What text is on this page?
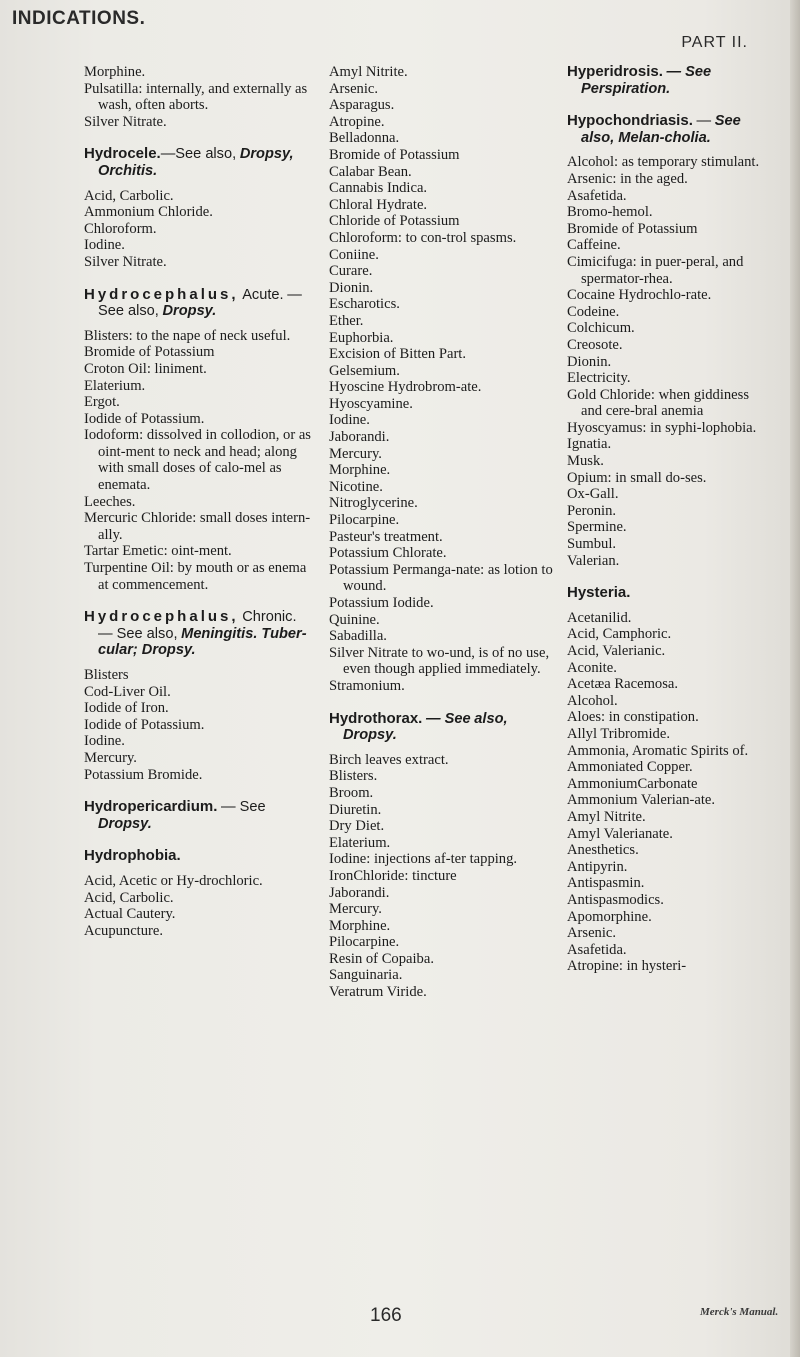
INDICATIONS.
PART II.
Morphine.
Pulsatilla: internally, and externally as wash, often aborts.
Silver Nitrate.
Hydrocele.—See also, Dropsy, Orchitis.
Acid, Carbolic.
Ammonium Chloride.
Chloroform.
Iodine.
Silver Nitrate.
Hydrocephalus, Acute. — See also, Dropsy.
Blisters: to the nape of neck useful.
Bromide of Potassium
Croton Oil: liniment.
Elaterium.
Ergot.
Iodide of Potassium.
Iodoform: dissolved in collodion, or as oint-ment to neck and head; along with small doses of calo-mel as enemata.
Leeches.
Mercuric Chloride: small doses intern-ally.
Tartar Emetic: oint-ment.
Turpentine Oil: by mouth or as enema at commencement.
Hydrocephalus, Chronic. — See also, Meningitis. Tuber-cular; Dropsy.
Blisters
Cod-Liver Oil.
Iodide of Iron.
Iodide of Potassium.
Iodine.
Mercury.
Potassium Bromide.
Hydropericardium. — See Dropsy.
Hydrophobia.
Acid, Acetic or Hy-drochloric.
Acid, Carbolic.
Actual Cautery.
Acupuncture.
Amyl Nitrite.
Arsenic.
Asparagus.
Atropine.
Belladonna.
Bromide of Potassium
Calabar Bean.
Cannabis Indica.
Chloral Hydrate.
Chloride of Potassium
Chloroform: to con-trol spasms.
Coniine.
Curare.
Dionin.
Escharotics.
Ether.
Euphorbia.
Excision of Bitten Part.
Gelsemium.
Hyoscine Hydrobrom-ate.
Hyoscyamine.
Iodine.
Jaborandi.
Mercury.
Morphine.
Nicotine.
Nitroglycerine.
Pilocarpine.
Pasteur's treatment.
Potassium Chlorate.
Potassium Permanga-nate: as lotion to wound.
Potassium Iodide.
Quinine.
Sabadilla.
Silver Nitrate to wo-und, is of no use, even though applied immediately.
Stramonium.
Hydrothorax. — See also, Dropsy.
Birch leaves extract.
Blisters.
Broom.
Diuretin.
Dry Diet.
Elaterium.
Iodine: injections af-ter tapping.
IronChloride: tincture
Jaborandi.
Mercury.
Morphine.
Pilocarpine.
Resin of Copaiba.
Sanguinaria.
Veratrum Viride.
Hyperidrosis. — See Perspiration.
Hypochondriasis. — See also, Melan-cholia.
Alcohol: as temporary stimulant.
Arsenic: in the aged.
Asafetida.
Bromo-hemol.
Bromide of Potassium
Caffeine.
Cimicifuga: in puer-peral, and spermator-rhea.
Cocaine Hydrochlo-rate.
Codeine.
Colchicum.
Creosote.
Dionin.
Electricity.
Gold Chloride: when giddiness and cere-bral anemia
Hyoscyamus: in syphi-lophobia.
Ignatia.
Musk.
Opium: in small do-ses.
Ox-Gall.
Peronin.
Spermine.
Sumbul.
Valerian.
Hysteria.
Acetanilid.
Acid, Camphoric.
Acid, Valerianic.
Aconite.
Acetæa Racemosa.
Alcohol.
Aloes: in constipation.
Allyl Tribromide.
Ammonia, Aromatic Spirits of.
Ammoniated Copper.
AmmoniumCarbonate
Ammonium Valerian-ate.
Amyl Nitrite.
Amyl Valerianate.
Anesthetics.
Antipyrin.
Antispasmin.
Antispasmodics.
Apomorphine.
Arsenic.
Asafetida.
Atropine: in hysteri-
166	Merck's Manual.
